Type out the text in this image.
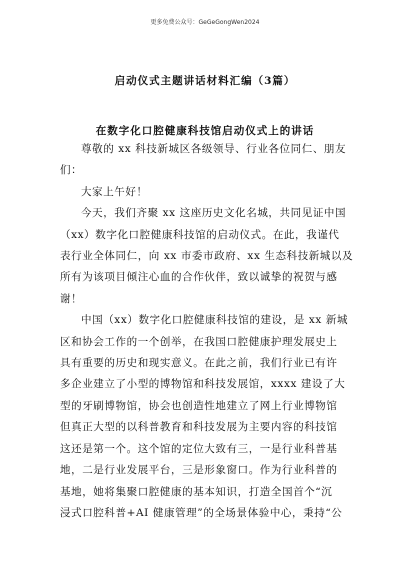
更多免费公众号：GeGeGongWen2024
启动仪式主题讲话材料汇编（3篇）
在数字化口腔健康科技馆启动仪式上的讲话
尊敬的 xx 科技新城区各级领导、行业各位同仁、朋友
们：
大家上午好！
今天，我们齐聚 xx 这座历史文化名城，共同见证中国
（xx）数字化口腔健康科技馆的启动仪式。在此，我谨代
表行业全体同仁，向 xx 市委市政府、xx 生态科技新城以及
所有为该项目倾注心血的合作伙伴，致以诚挚的祝贺与感
谢！
中国（xx）数字化口腔健康科技馆的建设，是 xx 新城
区和协会工作的一个创举，在我国口腔健康护理发展史上
具有重要的历史和现实意义。在此之前，我们行业已有许
多企业建立了小型的博物馆和科技发展馆，xxxx 建设了大
型的牙刷博物馆，协会也创造性地建立了网上行业博物馆
但真正大型的以科普教育和科技发展为主要内容的科技馆
这还是第一个。这个馆的定位大致有三，一是行业科普基
地，二是行业发展平台，三是形象窗口。作为行业科普的
基地，她将集聚口腔健康的基本知识，打造全国首个“沉
浸式口腔科普+AI 健康管理”的全场景体验中心，秉持“公
